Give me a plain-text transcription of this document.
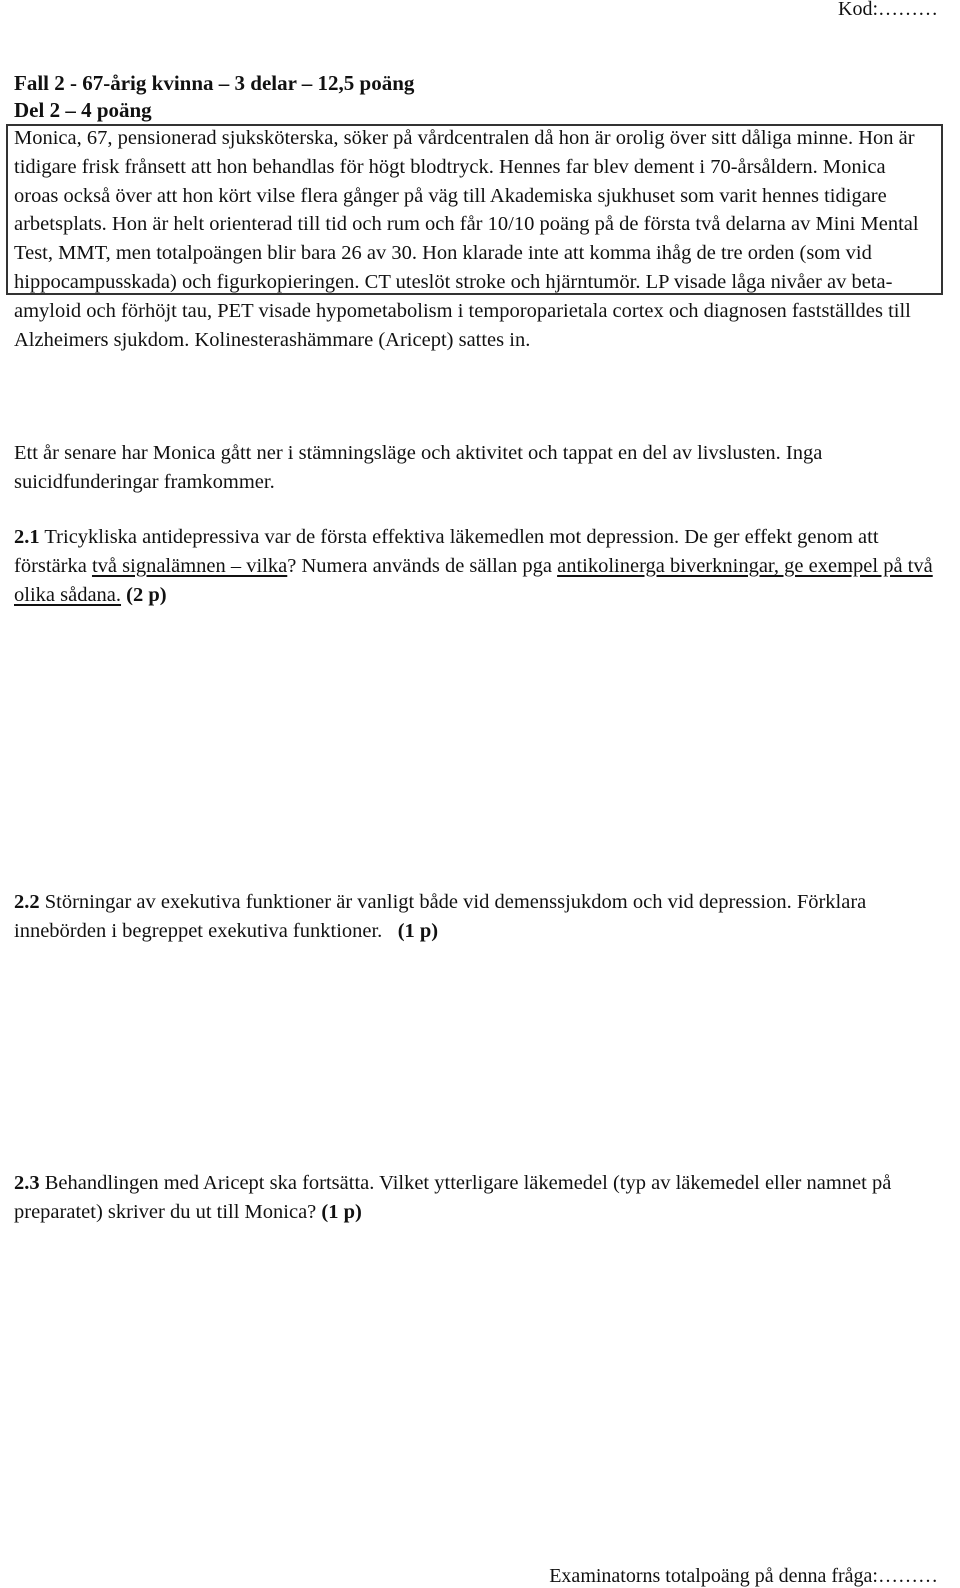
Kod:………
Fall 2 - 67-årig kvinna – 3 delar – 12,5 poäng
Del 2 – 4 poäng
Monica, 67, pensionerad sjuksköterska, söker på vårdcentralen då hon är orolig över sitt dåliga minne. Hon är tidigare frisk frånsett att hon behandlas för högt blodtryck. Hennes far blev dement i 70-årsåldern. Monica oroas också över att hon kört vilse flera gånger på väg till Akademiska sjukhuset som varit hennes tidigare arbetsplats. Hon är helt orienterad till tid och rum och får 10/10 poäng på de första två delarna av Mini Mental Test, MMT, men totalpoängen blir bara 26 av 30. Hon klarade inte att komma ihåg de tre orden (som vid hippocampusskada) och figurkopieringen. CT uteslöt stroke och hjärntumör. LP visade låga nivåer av beta-amyloid och förhöjt tau, PET visade hypometabolism i temporoparietala cortex och diagnosen fastställdes till Alzheimers sjukdom. Kolinesterashämmare (Aricept) sattes in.
Ett år senare har Monica gått ner i stämningsläge och aktivitet och tappat en del av livslusten. Inga suicidfunderingar framkommer.
2.1 Tricykliska antidepressiva var de första effektiva läkemedlen mot depression. De ger effekt genom att förstärka två signalämnen – vilka? Numera används de sällan pga antikolinerga biverkningar, ge exempel på två olika sådana. (2 p)
2.2 Störningar av exekutiva funktioner är vanligt både vid demenssjukdom och vid depression. Förklara innebörden i begreppet exekutiva funktioner.   (1 p)
2.3 Behandlingen med Aricept ska fortsätta. Vilket ytterligare läkemedel (typ av läkemedel eller namnet på preparatet) skriver du ut till Monica? (1 p)
Examinatorns totalpoäng på denna fråga:………
